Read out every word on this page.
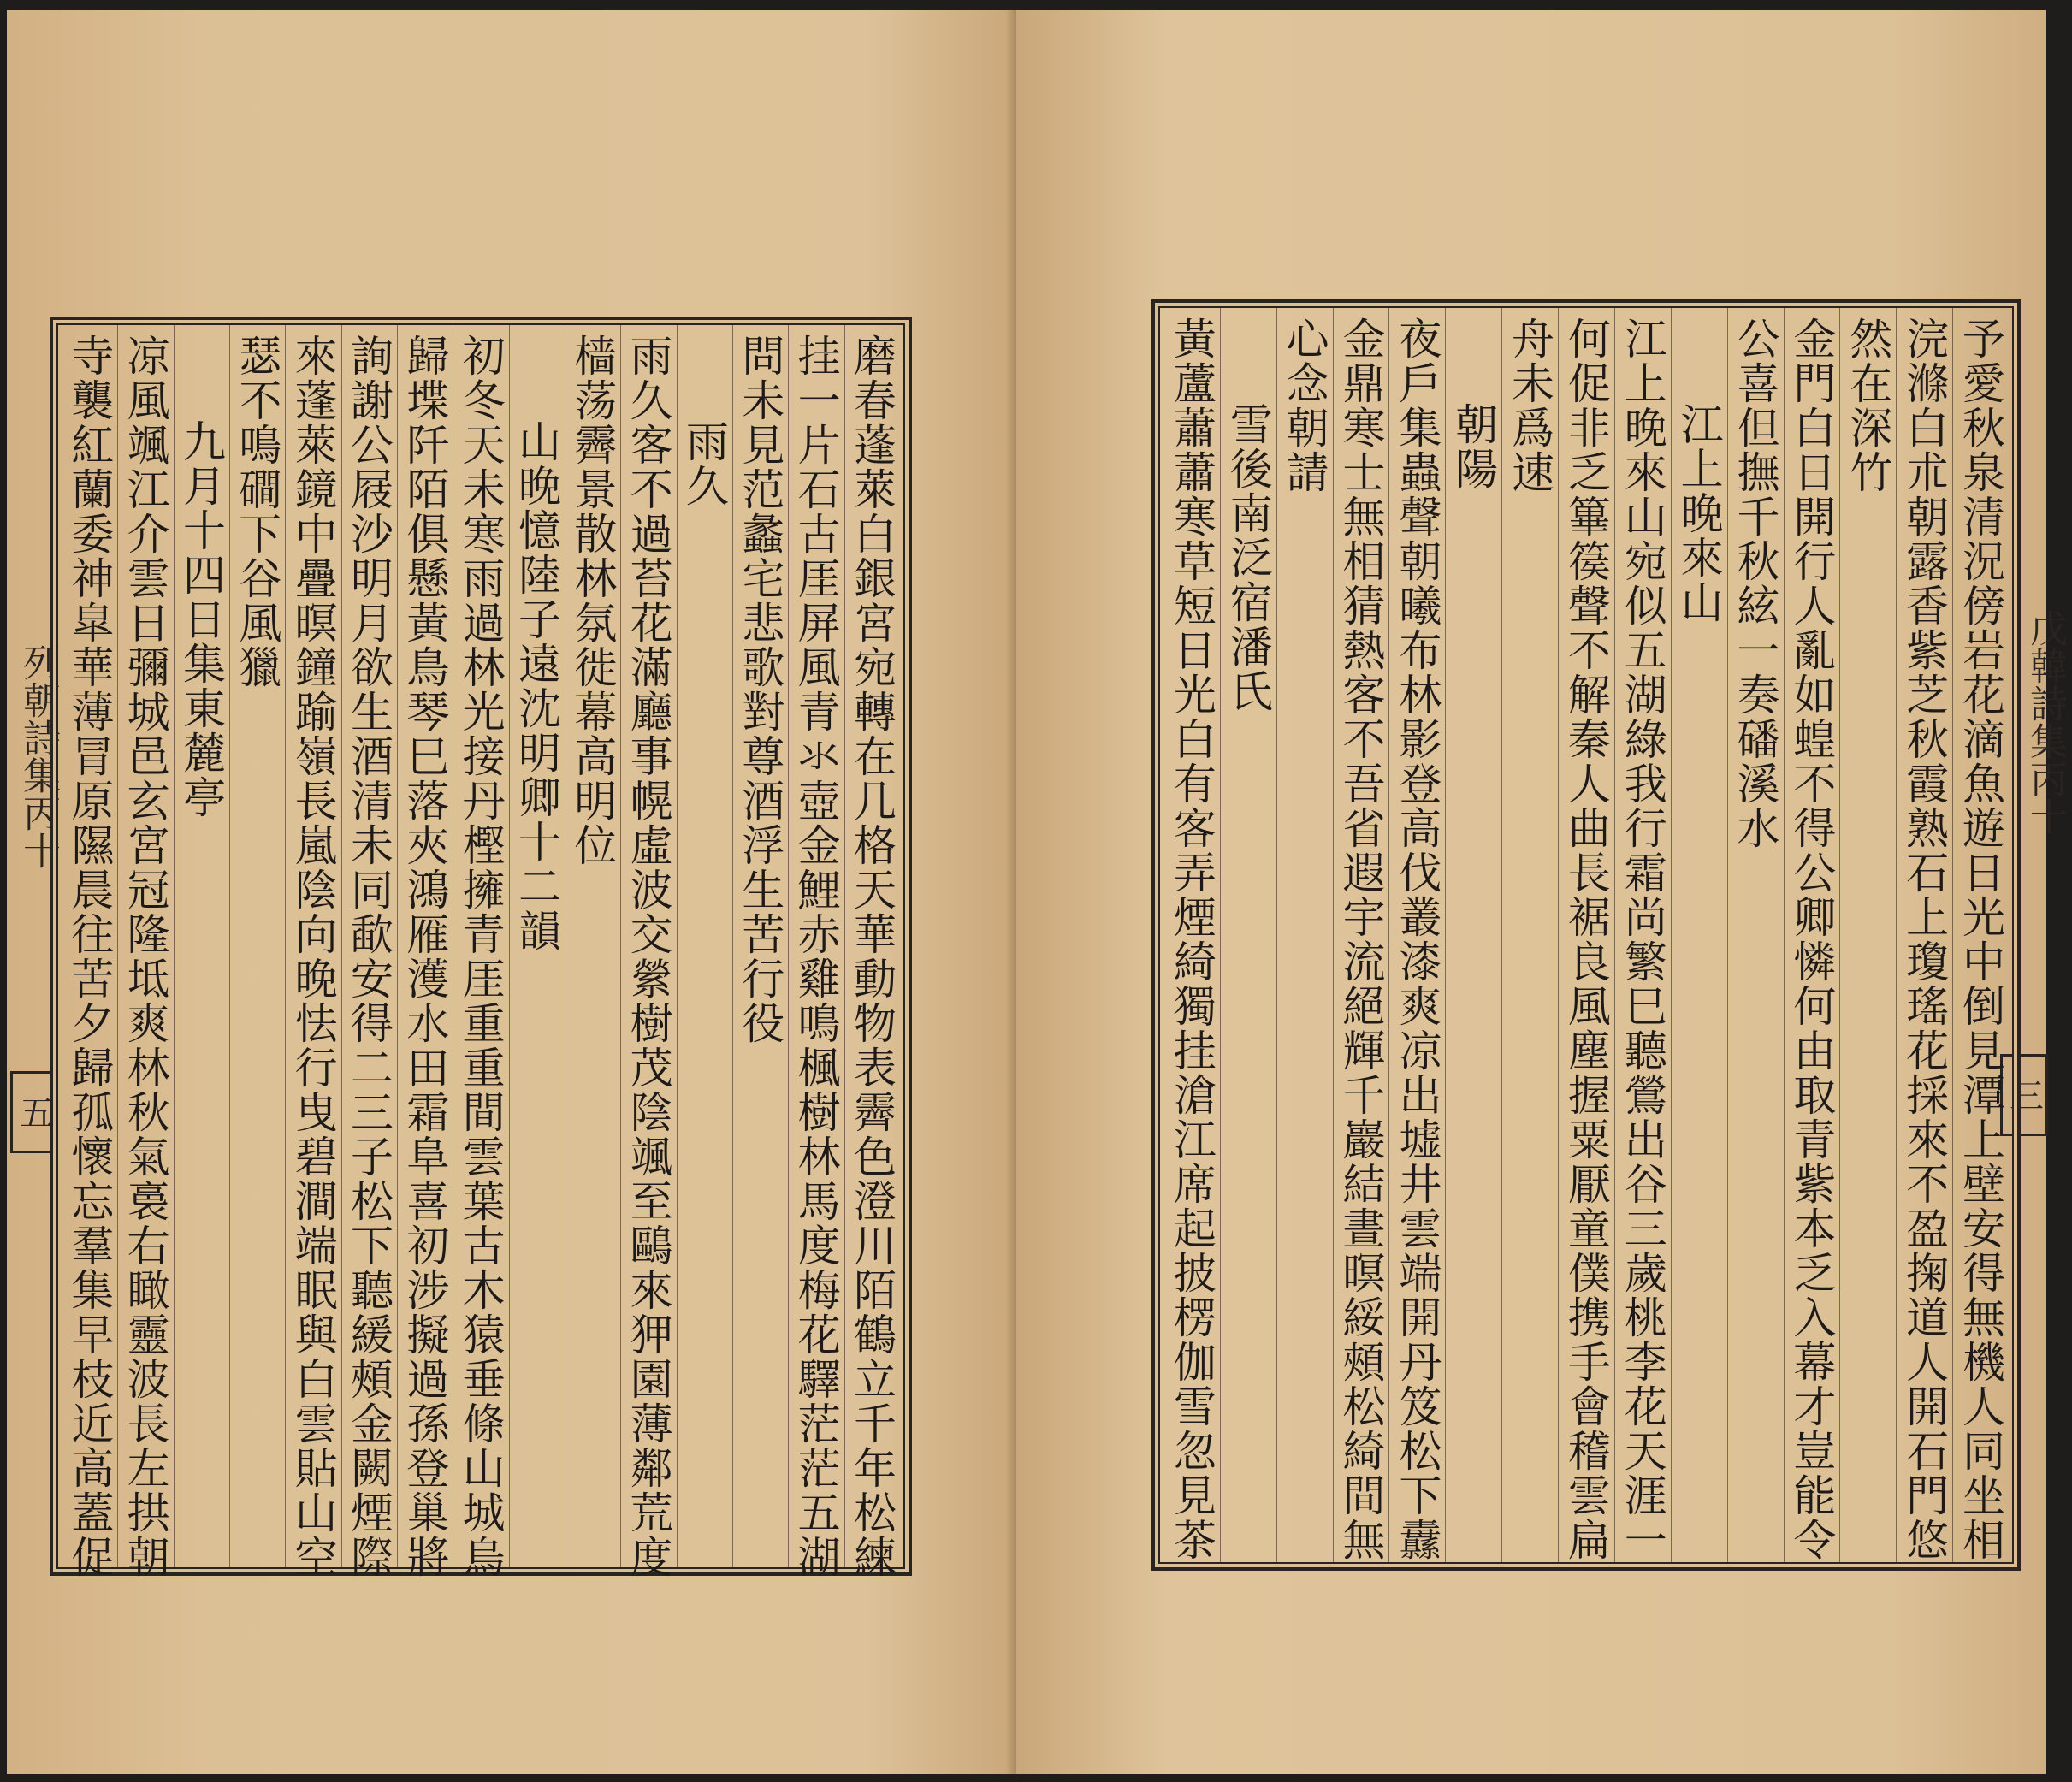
列朝詩集丙十
五	磨春蓬萊白銀宮宛轉在几格天華動物表霽色澄川陌鶴立千年松練
挂一片石古厓屏風青氺壺金鯉赤雞鳴楓樹林馬度梅花驛茫茫五湖
問未見范蠡宅悲歌對尊酒浮生苦行役
雨久
雨久客不過苔花滿廳事幌虛波交縈樹茂陰颯至鷗來狎園薄鄰荒度
樯荡霽景散林氛徙幕高明位
山晚憶陸子遠沈明卿十二韻
初冬天未寒雨過林光接丹樫擁青厓重重間雲葉古木猿垂條山城烏
歸堞阡陌俱懸黃鳥琴巳落夾鴻雁濩水田霜阜喜初涉擬過孫登巢將
詢謝公屐沙明月欲生酒清未同歃安得二三子松下聽緩頰金闕煙際
來蓬萊鏡中疊暝鐘踰嶺長嵐陰向晚怯行曳碧澗端眠與白雲貼山空
瑟不鳴磵下谷風獵
九月十四日集東麓亭
凉風颯江介雲日彌城邑玄宮冠隆坻爽林秋氣裛右瞰靈波長左拱朝
寺襲紅蘭委神皐華薄冐原隰晨往苦夕歸孤懷忘羣集早枝近高蓋促	戊韓詩集丙十
三
予愛秋泉清況傍岩花滴魚遊日光中倒見潭上壁安得無機人同坐相
浣滌白朮朝露香紫芝秋霞熟石上瓊瑤花採來不盈掬道人開石門悠
然在深竹
金門白日開行人亂如蝗不得公卿憐何由取青紫本乏入幕才豈能令
公喜但撫千秋絃一奏磻溪水
江上晚來山
江上晚來山宛似五湖綠我行霜尚繁巳聽鶯出谷三歲桃李花天涯一
何促非乏篳篌聲不解秦人曲長裾良風塵握粟厭童僕携手會稽雲扁
舟未爲速
朝陽
夜戶集蟲聲朝曦布林影登高伐叢漆爽凉出墟井雲端開丹笈松下纛
金鼎寒士無相猜熱客不吾省遐宇流絕輝千巖結晝暝綏頰松綺間無
心念朝請
雪後南泛宿潘氏
黃蘆蕭蕭寒草短日光白有客弄煙綺獨挂滄江席起披楞伽雪忽見茶
